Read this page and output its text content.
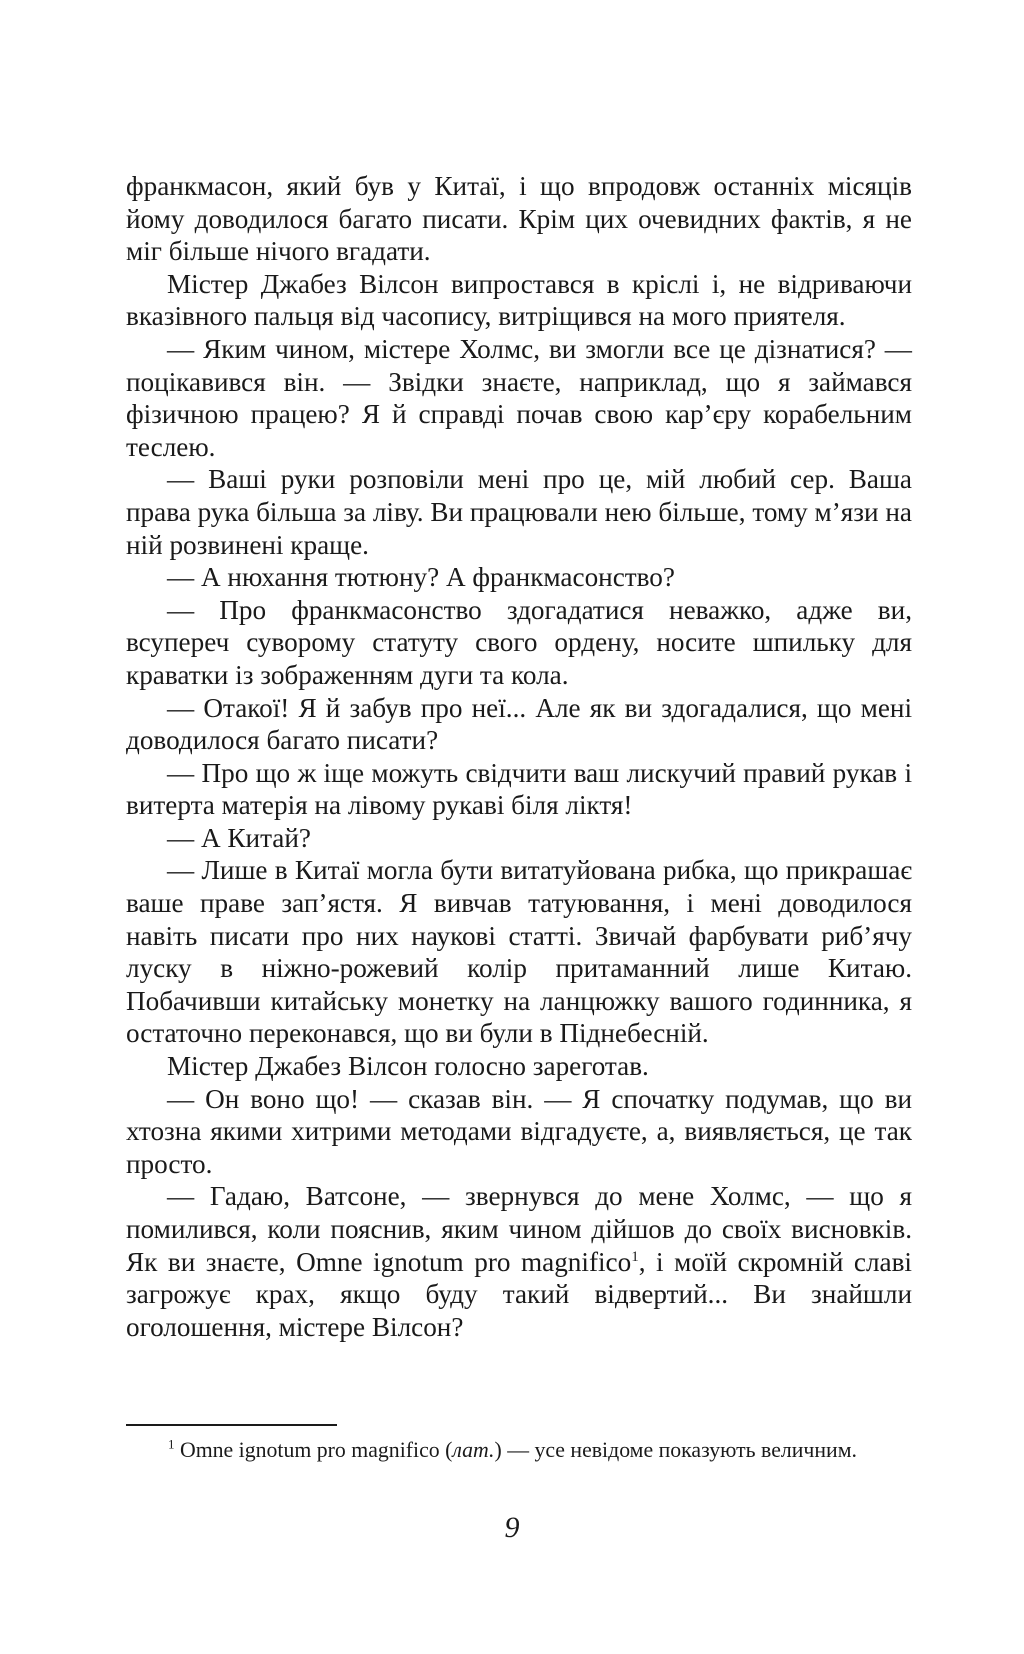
франкмасон, який був у Китаї, і що впродовж останніх місяців йому доводилося багато писати. Крім цих очевидних фактів, я не міг більше нічого вгадати.

Містер Джабез Вілсон випростався в кріслі і, не відриваючи вказівного пальця від часопису, витріщився на мого приятеля.

— Яким чином, містере Холмс, ви змогли все це дізнатися? — поцікавився він. — Звідки знаєте, наприклад, що я займався фізичною працею? Я й справді почав свою кар’єру корабельним теслею.

— Ваші руки розповіли мені про це, мій любий сер. Ваша права рука більша за ліву. Ви працювали нею більше, тому м’язи на ній розвинені краще.

— А нюхання тютюну? А франкмасонство?

— Про франкмасонство здогадатися неважко, адже ви, всупереч суворому статуту свого ордену, носите шпильку для краватки із зображенням дуги та кола.

— Отакої! Я й забув про неї... Але як ви здогадалися, що мені доводилося багато писати?

— Про що ж іще можуть свідчити ваш лискучий правий рукав і витерта матерія на лівому рукаві біля ліктя!

— А Китай?

— Лише в Китаї могла бути витатуйована рибка, що прикрашає ваше праве зап’ястя. Я вивчав татуювання, і мені доводилося навіть писати про них наукові статті. Звичай фарбувати риб’ячу луску в ніжно-рожевий колір притаманний лише Китаю. Побачивши китайську монетку на ланцюжку вашого годинника, я остаточно переконався, що ви були в Піднебесній.

Містер Джабез Вілсон голосно зареготав.

— Он воно що! — сказав він. — Я спочатку подумав, що ви хтозна якими хитрими методами відгадуєте, а, виявляється, це так просто.

— Гадаю, Ватсоне, — звернувся до мене Холмс, — що я помилився, коли пояснив, яким чином дійшов до своїх висновків. Як ви знаєте, Omne ignotum pro magnifico$^1$, і моїй скромній славі загрожує крах, якщо буду такий відвертий... Ви знайшли оголошення, містере Вілсон?

$^1$ Omne ignotum pro magnifico (лат.) — усе невідоме показують величним.

9
